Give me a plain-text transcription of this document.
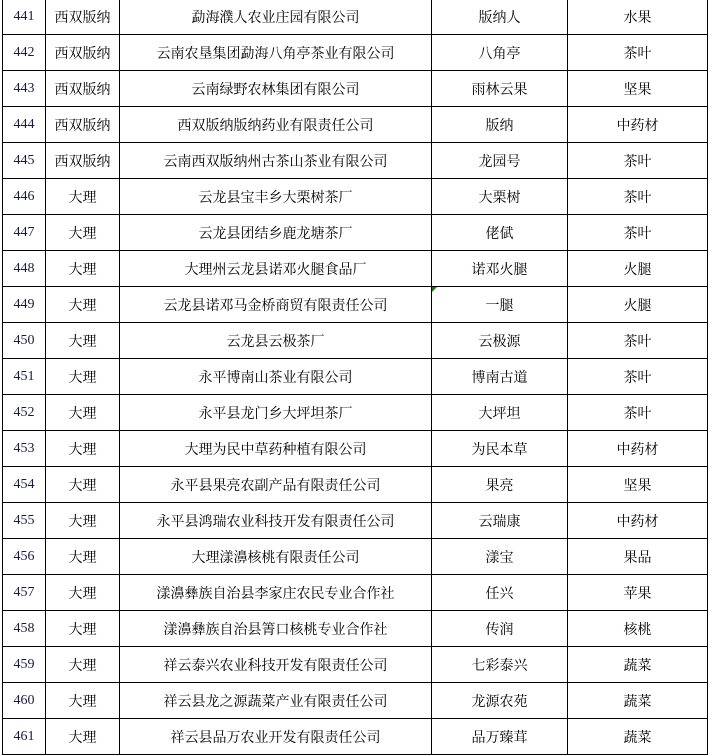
441	西双版纳	勐海濮人农业庄园有限公司	版纳人	水果
442	西双版纳	云南农垦集团勐海八角亭茶业有限公司	八角亭	茶叶
443	西双版纳	云南绿野农林集团有限公司	雨林云果	坚果
444	西双版纳	西双版纳版纳药业有限责任公司	版纳	中药材
445	西双版纳	云南西双版纳州古茶山茶业有限公司	龙园号	茶叶
446	大理	云龙县宝丰乡大栗树茶厂	大栗树	茶叶
447	大理	云龙县团结乡鹿龙塘茶厂	佬倵	茶叶
448	大理	大理州云龙县诺邓火腿食品厂	诺邓火腿	火腿
449	大理	云龙县诺邓马金桥商贸有限责任公司	一腿	火腿
450	大理	云龙县云极茶厂	云极源	茶叶
451	大理	永平博南山茶业有限公司	博南古道	茶叶
452	大理	永平县龙门乡大坪坦茶厂	大坪坦	茶叶
453	大理	大理为民中草药种植有限公司	为民本草	中药材
454	大理	永平县果亮农副产品有限责任公司	果亮	坚果
455	大理	永平县鸿瑞农业科技开发有限责任公司	云瑞康	中药材
456	大理	大理漾濞核桃有限责任公司	漾宝	果品
457	大理	漾濞彝族自治县李家庄农民专业合作社	任兴	苹果
458	大理	漾濞彝族自治县箐口核桃专业合作社	传润	核桃
459	大理	祥云泰兴农业科技开发有限责任公司	七彩泰兴	蔬菜
460	大理	祥云县龙之源蔬菜产业有限责任公司	龙源农苑	蔬菜
461	大理	祥云县品万农业开发有限责任公司	品万臻茸	蔬菜
